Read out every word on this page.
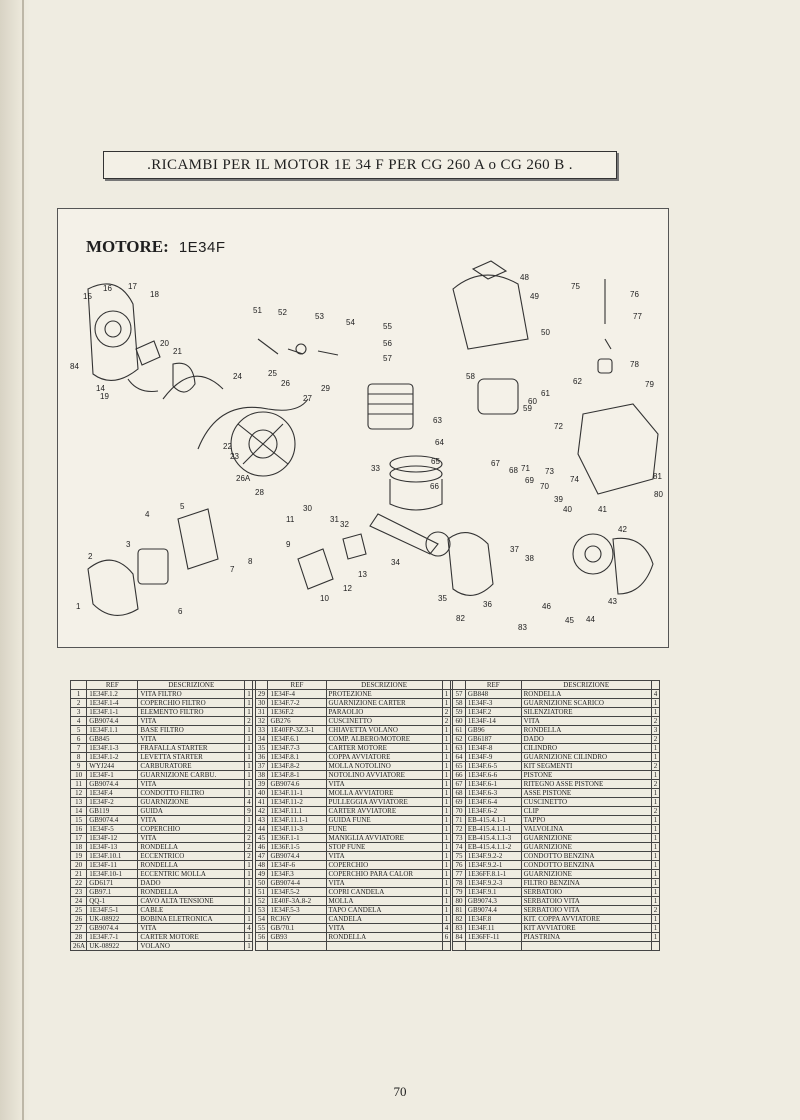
.RICAMBI PER IL MOTOR 1E 34 F PER CG 260 A o CG 260 B .
MOTORE: 1E34F
1
2
3
4
5
6
7
8
9
10
11
12
13
14
15
16 17
18
19
20
21
22
23
24	25
26
26A
27
28
29
30
31
32
33
34
35
36
37
38
39
40	41
42
43
44
45
46
48
49
50
51 52	53
54	55
56
57
58
59
60
61
62
63
64
65
66
67
68
69
70
71
72
73
74
75
76
77
78
79
80
81
82
83
84
	REF	DESCRIZIONE				REF	DESCRIZIONE				REF	DESCRIZIONE	
1	1E34F.1.2	VITA FILTRO	1		29	1E34F-4	PROTEZIONE	1		57	GB848	RONDELLA	4
2	1E34F.1-4	COPERCHIO FILTRO	1		30	1E34F.7-2	GUARNIZIONE CARTER	1		58	1E34F-3	GUARNIZIONE SCARICO	1
3	1E34F.1-1	ELEMENTO FILTRO	1		31	1E36F.2	PARAOLIO	2		59	1E34F.2	SILENZIATORE	1
4	GB9074.4	VITA	2		32	GB276	CUSCINETTO	2		60	1E34F-14	VITA	2
5	1E34F.1.1	BASE FILTRO	1		33	1E40FP-3Z.3-1	CHIAVETTA VOLANO	1		61	GB96	RONDELLA	3
6	GB845	VITA	1		34	1E34F.6.1	COMP. ALBERO/MOTORE	1		62	GB6187	DADO	2
7	1E34F.1-3	FRAFALLA STARTER	1		35	1E34F.7-3	CARTER MOTORE	1		63	1E34F-8	CILINDRO	1
8	1E34F.1-2	LEVETTA STARTER	1		36	1E34F.8.1	COPPA AVVIATORE	1		64	1E34F-9	GUARNIZIONE CILINDRO	1
9	WYJ244	CARBURATORE	1		37	1E34F.8-2	MOLLA NOTOLINO	1		65	1E34F.6-5	KIT SEGMENTI	2
10	1E34F-1	GUARNIZIONE CARBU.	1		38	1E34F.8-1	NOTOLINO AVVIATORE	1		66	1E34F.6-6	PISTONE	1
11	GB9074.4	VITA	1		39	GB9074.6	VITA	1		67	1E34F.6-1	RITEGNO ASSE PISTONE	2
12	1E34F.4	CONDOTTO FILTRO	1		40	1E34F.11-1	MOLLA AVVIATORE	1		68	1E34F.6-3	ASSE PISTONE	1
13	1E34F-2	GUARNIZIONE	4		41	1E34F.11-2	PULLEGGIA AVVIATORE	1		69	1E34F.6-4	CUSCINETTO	1
14	GB119	GUIDA	9		42	1E34F.11.1	CARTER AVVIATORE	1		70	1E34F.6-2	CLIP	2
15	GB9074.4	VITA	1		43	1E34F.11.1-1	GUIDA FUNE	1		71	EB-415.4.1-1	TAPPO	1
16	1E34F-5	COPERCHIO	2		44	1E34F.11-3	FUNE	1		72	EB-415.4.1.1-1	VALVOLINA	1
17	1E34F-12	VITA	2		45	1E36F.1-1	MANIGLIA AVVIATORE	1		73	EB-415.4.1.1-3	GUARNIZIONE	1
18	1E34F-13	RONDELLA	2		46	1E36F.1-5	STOP FUNE	1		74	EB-415.4.1.1-2	GUARNIZIONE	1
19	1E34F.10.1	ECCENTRICO	2		47	GB9074.4	VITA	1		75	1E34F.9.2-2	CONDOTTO BENZINA	1
20	1E34F-11	RONDELLA	1		48	1E34F-6	COPERCHIO	1		76	1E34F.9.2-1	CONDOTTO BENZINA	1
21	1E34F.10-1	ECCENTRIC MOLLA	1		49	1E34F.3	COPERCHIO PARA CALOR	1		77	1E36FF.8.1-1	GUARNIZIONE	1
22	GD6171	DADO	1		50	GB9074-4	VITA	1		78	1E34F.9.2-3	FILTRO BENZINA	1
23	GB97.1	RONDELLA	1		51	1E34F.5-2	COPRI CANDELA	1		79	1E34F.9.1	SERBATOIO	1
24	QQ-1	CAVO ALTA TENSIONE	1		52	1E40F-3A.8-2	MOLLA	1		80	GB9074.3	SERBATOIO VITA	1
25	1E34F.5-1	CABLE	1		53	1E34F.5-3	TAPO CANDELA	1		81	GB9074.4	SERBATOIO VITA	2
26	UK-08922	BOBINA ELETRONICA	1		54	RCJ6Y	CANDELA	1		82	1E34F.8	KIT. COPPA AVVIATORE	1
27	GB9074.4	VITA	4		55	GB/70.1	VITA	4		83	1E34F.11	KIT AVVIATORE	1
28	1E34F.7-1	CARTER MOTORE	1		56	GB93	RONDELLA	6		84	1E36FF-11	PIASTRINA	1
26A	UK-08922	VOLANO	1										
70
